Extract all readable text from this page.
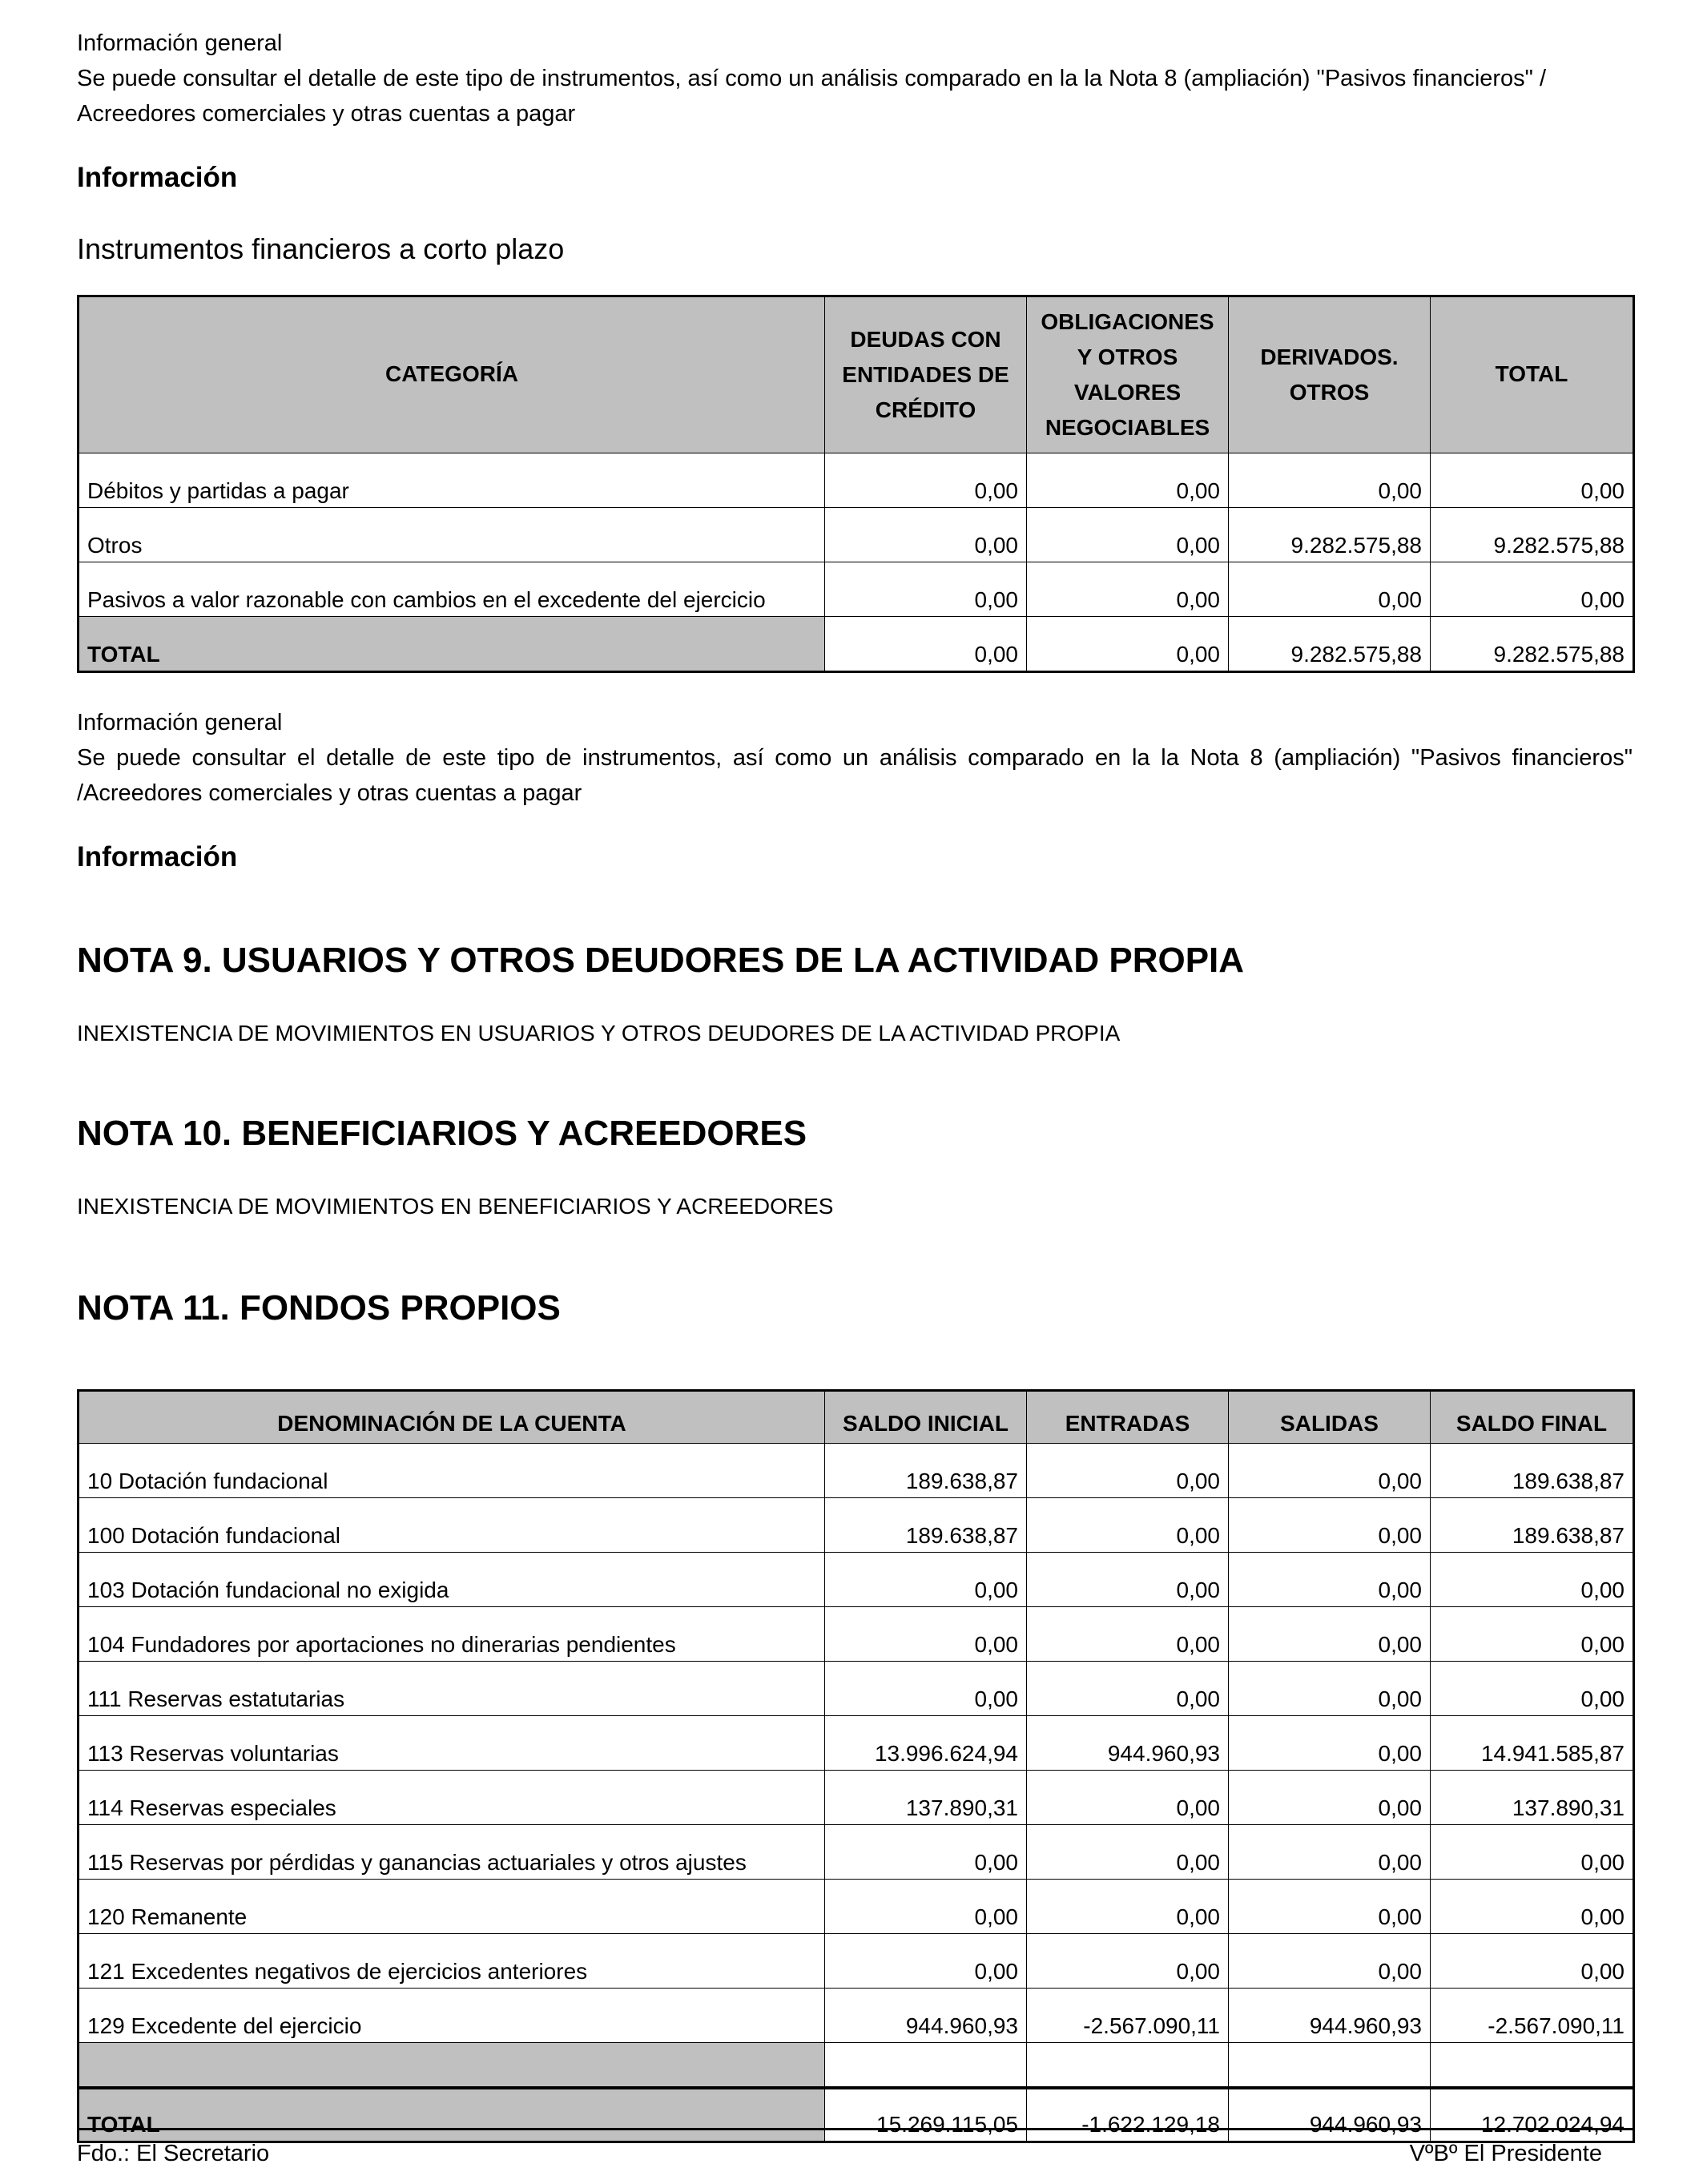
Información general
Se puede consultar el detalle de este tipo de instrumentos, así como un análisis comparado en la la Nota 8 (ampliación) "Pasivos financieros" /
Acreedores comerciales y otras cuentas a pagar
Información
Instrumentos financieros a corto plazo
CATEGORÍA	DEUDAS CON ENTIDADES DE CRÉDITO	OBLIGACIONES Y OTROS VALORES NEGOCIABLES	DERIVADOS. OTROS	TOTAL
Débitos y partidas a pagar	0,00	0,00	0,00	0,00
Otros	0,00	0,00	9.282.575,88	9.282.575,88
Pasivos a valor razonable con cambios en el excedente del ejercicio	0,00	0,00	0,00	0,00
TOTAL	0,00	0,00	9.282.575,88	9.282.575,88
Información general
Se puede consultar el detalle de este tipo de instrumentos, así como un análisis comparado en la la Nota 8 (ampliación) "Pasivos financieros"
/Acreedores comerciales y otras cuentas a pagar
Información
NOTA 9. USUARIOS Y OTROS DEUDORES DE LA ACTIVIDAD PROPIA
INEXISTENCIA DE MOVIMIENTOS EN USUARIOS Y OTROS DEUDORES DE LA ACTIVIDAD PROPIA
NOTA 10. BENEFICIARIOS Y ACREEDORES
INEXISTENCIA DE MOVIMIENTOS EN BENEFICIARIOS Y ACREEDORES
NOTA 11. FONDOS PROPIOS
DENOMINACIÓN DE LA CUENTA	SALDO INICIAL	ENTRADAS	SALIDAS	SALDO FINAL
10 Dotación fundacional	189.638,87	0,00	0,00	189.638,87
100 Dotación fundacional	189.638,87	0,00	0,00	189.638,87
103 Dotación fundacional no exigida	0,00	0,00	0,00	0,00
104 Fundadores por aportaciones no dinerarias pendientes	0,00	0,00	0,00	0,00
111 Reservas estatutarias	0,00	0,00	0,00	0,00
113 Reservas voluntarias	13.996.624,94	944.960,93	0,00	14.941.585,87
114 Reservas especiales	137.890,31	0,00	0,00	137.890,31
115 Reservas por pérdidas y ganancias actuariales y otros ajustes	0,00	0,00	0,00	0,00
120 Remanente	0,00	0,00	0,00	0,00
121 Excedentes negativos de ejercicios anteriores	0,00	0,00	0,00	0,00
129 Excedente del ejercicio	944.960,93	-2.567.090,11	944.960,93	-2.567.090,11

TOTAL	15.269.115,05	-1.622.129,18	944.960,93	12.702.024,94
Fdo.: El Secretario	VºBº El Presidente
